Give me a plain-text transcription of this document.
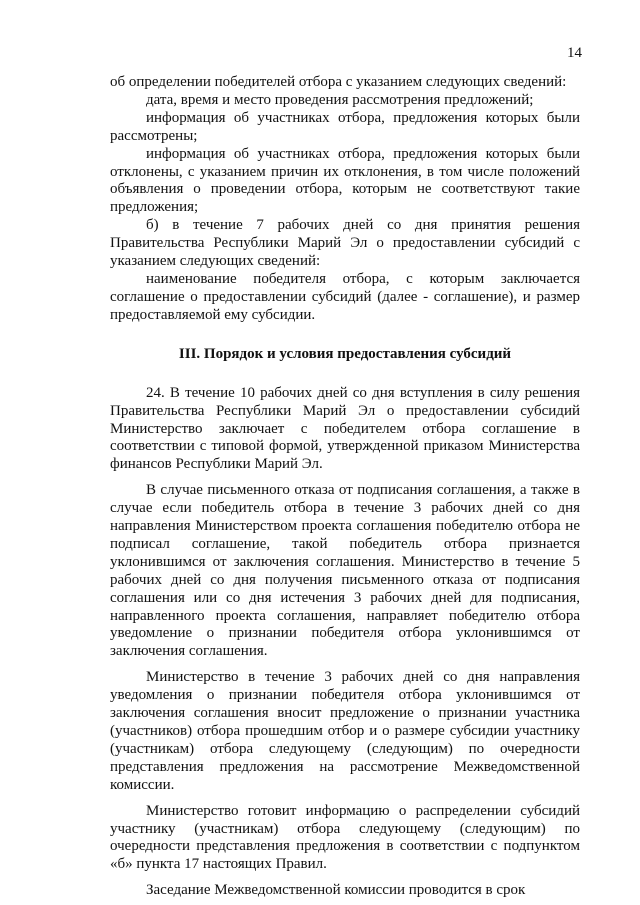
14

об определении победителей отбора с указанием следующих сведений:

дата, время и место проведения рассмотрения предложений;

информация об участниках отбора, предложения которых были рассмотрены;

информация об участниках отбора, предложения которых были отклонены, с указанием причин их отклонения, в том числе положений объявления о проведении отбора, которым не соответствуют такие предложения;

б) в течение 7 рабочих дней со дня принятия решения Правительства Республики Марий Эл о предоставлении субсидий с указанием следующих сведений:

наименование победителя отбора, с которым заключается соглашение о предоставлении субсидий (далее - соглашение), и размер предоставляемой ему субсидии.

III. Порядок и условия предоставления субсидий

24. В течение 10 рабочих дней со дня вступления в силу решения Правительства Республики Марий Эл о предоставлении субсидий Министерство заключает с победителем отбора соглашение в соответствии с типовой формой, утвержденной приказом Министерства финансов Республики Марий Эл.

В случае письменного отказа от подписания соглашения, а также в случае если победитель отбора в течение 3 рабочих дней со дня направления Министерством проекта соглашения победителю отбора не подписал соглашение, такой победитель отбора признается уклонившимся от заключения соглашения. Министерство в течение 5 рабочих дней со дня получения письменного отказа от подписания соглашения или со дня истечения 3 рабочих дней для подписания, направленного проекта соглашения, направляет победителю отбора уведомление о признании победителя отбора уклонившимся от заключения соглашения.

Министерство в течение 3 рабочих дней со дня направления уведомления о признании победителя отбора уклонившимся от заключения соглашения вносит предложение о признании участника (участников) отбора прошедшим отбор и о размере субсидии участнику (участникам) отбора следующему (следующим) по очередности представления предложения на рассмотрение Межведомственной комиссии.

Министерство готовит информацию о распределении субсидий участнику (участникам) отбора следующему (следующим) по очередности представления предложения в соответствии с подпунктом «б» пункта 17 настоящих Правил.

Заседание Межведомственной комиссии проводится в срок
